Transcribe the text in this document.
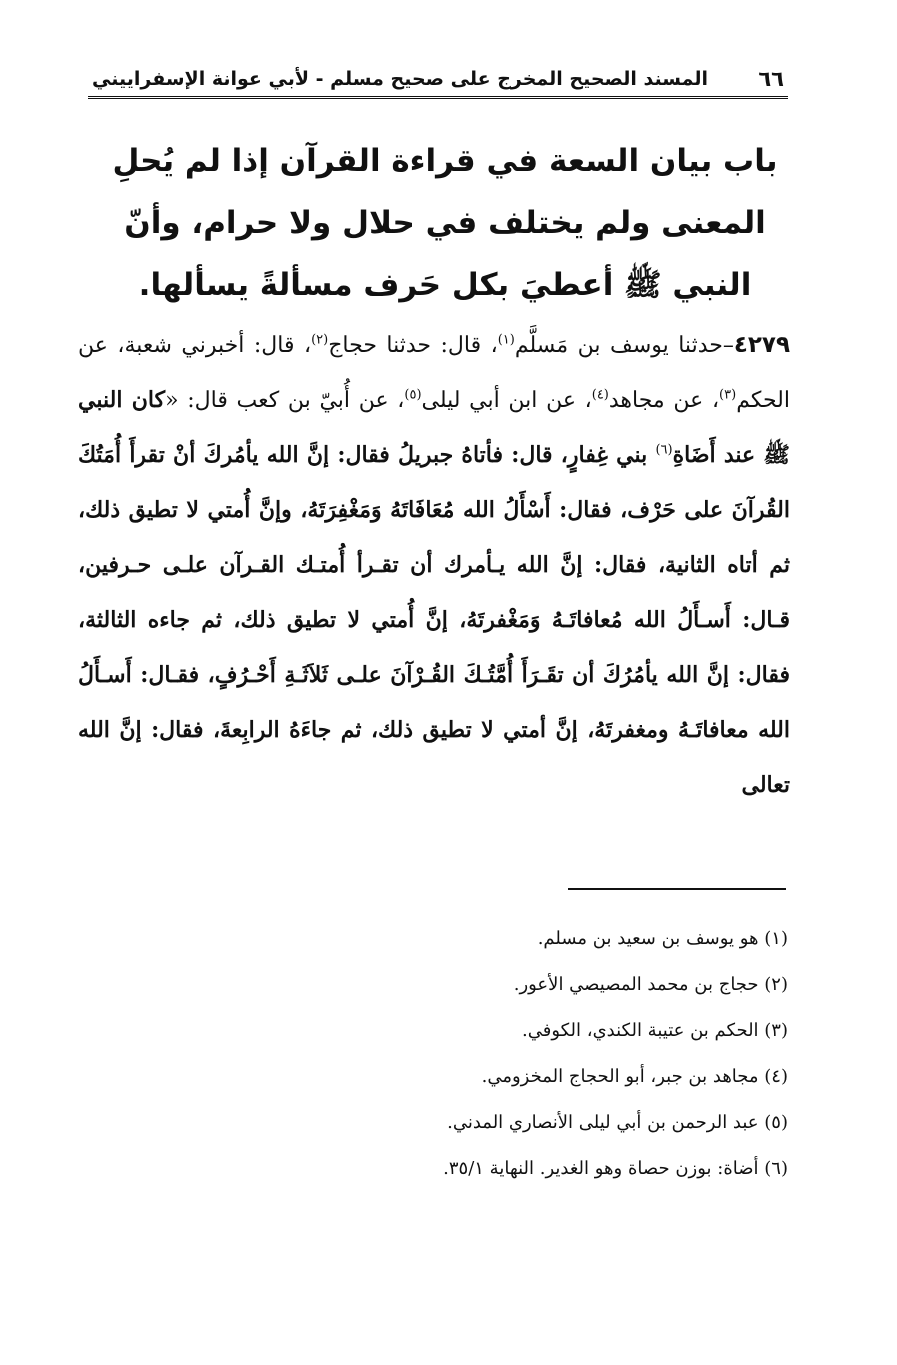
٦٦
المسند الصحيح المخرج على صحيح مسلم - لأبي عوانة الإسفراييني
باب بيان السعة في قراءة القرآن إذا لم يُحلِ المعنى ولم يختلف في حلال ولا حرام، وأنّ النبي ﷺ أعطيَ بكل حَرف مسألةً يسألها.

٤٢٧٩–حدثنا يوسف بن مَسلَّم$^{(١)}$، قال: حدثنا حجاج$^{(٢)}$، قال: أخبرني شعبة، عن الحكم$^{(٣)}$، عن مجاهد$^{(٤)}$، عن ابن أبي ليلى$^{(٥)}$، عن أُبيّ بن كعب قال: «كان النبي ﷺ عند أَضَاةِ$^{(٦)}$ بني غِفارٍ، قال: فأتاهُ جبريلُ فقال: إنَّ الله يأمُركَ أنْ تقرأَ أُمَتُكَ القُرآنَ على حَرْف، فقال: أَسْأَلُ الله مُعَافَاتَهُ وَمَغْفِرَتَهُ، وإنَّ أُمتي لا تطيق ذلك، ثم أتاه الثانية، فقال: إنَّ الله يـأمرك أن تقـرأ أُمتـك القـرآن علـى حـرفين، قـال: أَسـأَلُ الله مُعافاتَـهُ وَمَغْفرتَهُ، إنَّ أُمتي لا تطيق ذلك، ثم جاءه الثالثة، فقال: إنَّ الله يأمُرُكَ أن تقَـرَأَ أُمَّتُـكَ القُـرْآنَ علـى ثَلاَثَـةِ أَحْـرُفٍ، فقـال: أَسـأَلُ الله معافاتَـهُ ومغفرتَهُ، إنَّ أمتي لا تطيق ذلك، ثم جاءَهُ الرابِعةَ، فقال: إنَّ الله تعالى

(١) هو يوسف بن سعيد بن مسلم.
(٢) حجاج بن محمد المصيصي الأعور.
(٣) الحكم بن عتيبة الكندي، الكوفي.
(٤) مجاهد بن جبر، أبو الحجاج المخزومي.
(٥) عبد الرحمن بن أبي ليلى الأنصاري المدني.
(٦) أضاة: بوزن حصاة وهو الغدير. النهاية ٣٥/١.
